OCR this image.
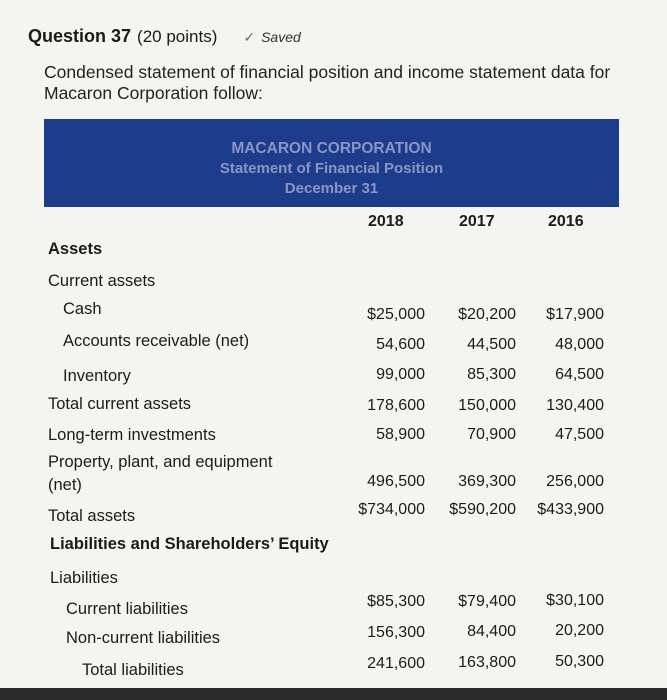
Question 37 (20 points) ✓ Saved
Condensed statement of financial position and income statement data for Macaron Corporation follow:
MACARON CORPORATION
Statement of Financial Position
December 31
2018	2017	2016
Assets
Current assets
Cash	$25,000 $20,200 $17,900
Accounts receivable (net)	54,600	44,500 48,000
Inventory	99,000	85,300 64,500
Total current assets	178,600 150,000 130,400
Long-term investments	58,900	70,900 47,500
Property, plant, and equipment
(net)	496,500 369,300 256,000
Total assets	$734,000 $590,200 $433,900
Liabilities and Shareholders’ Equity
Liabilities
Current liabilities	$85,300 $79,400 $30,100
Non-current liabilities	156,300	84,400 20,200
Total liabilities	241,600 163,800 50,300
